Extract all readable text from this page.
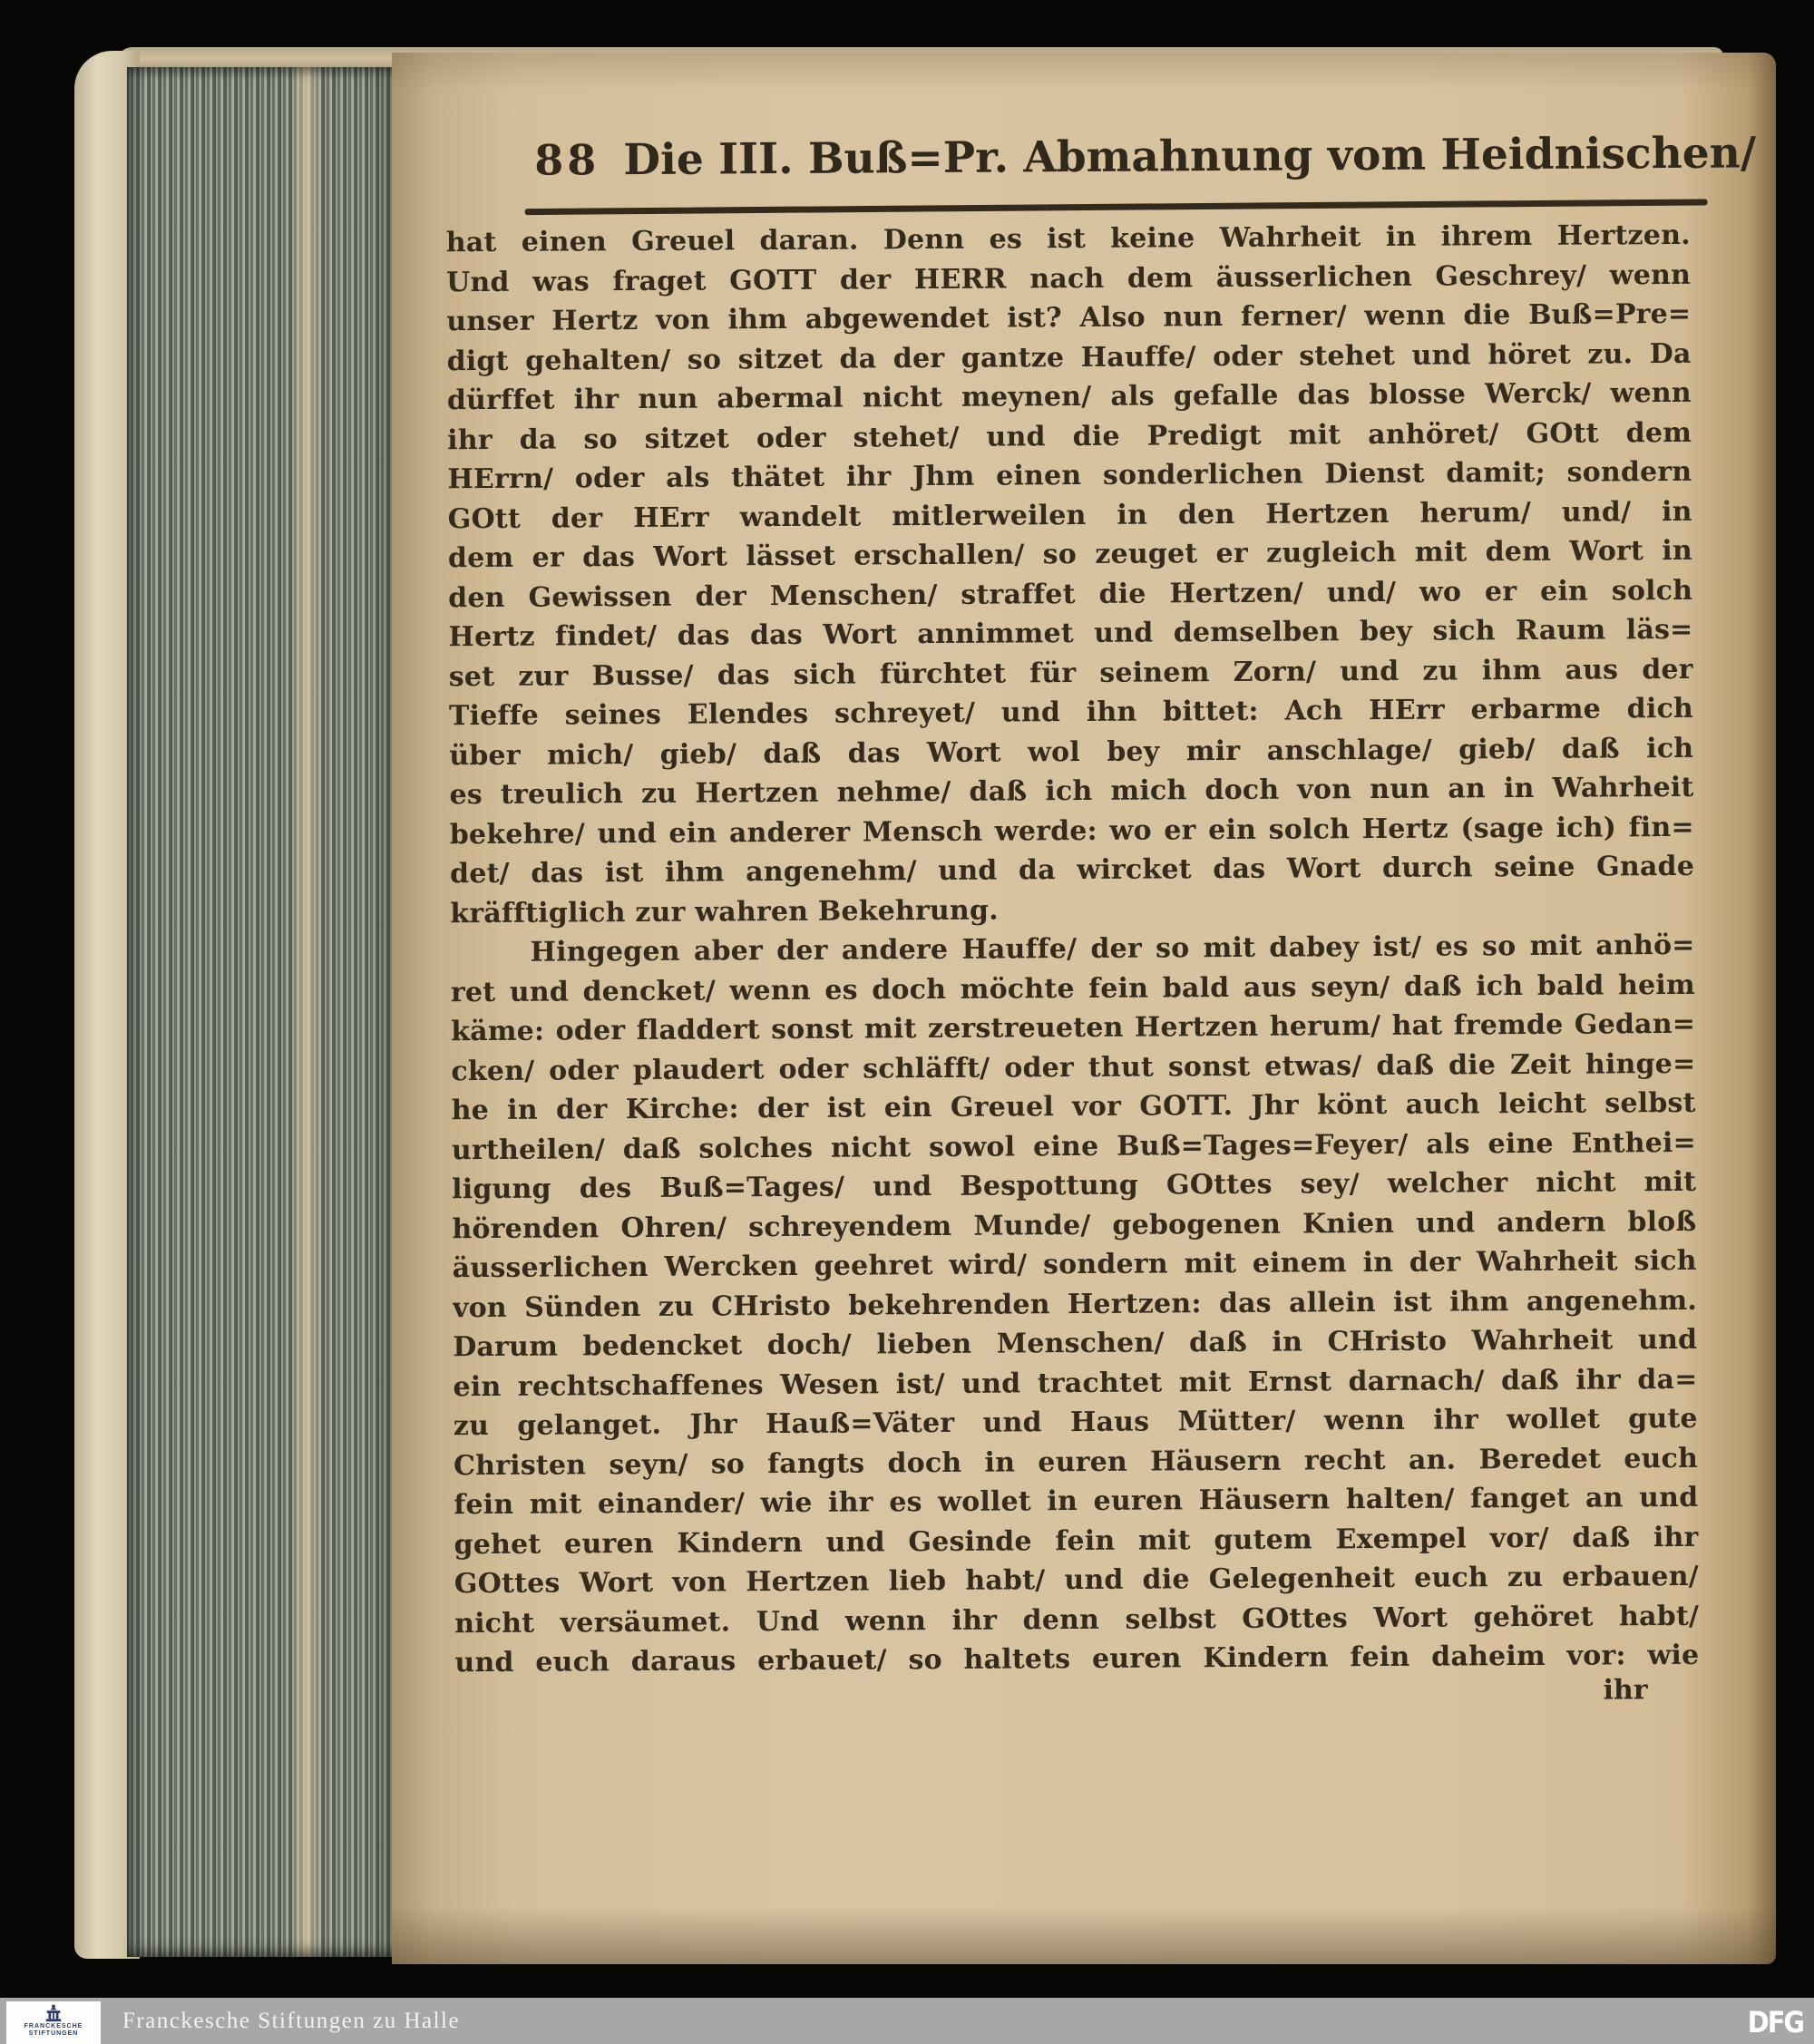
88 Die III. Buß=Pr. Abmahnung vom Heidnischen/
hat einen Greuel daran. Denn es ist keine Wahrheit in ihrem Hertzen.
Und was fraget GOTT der HERR nach dem äusserlichen Geschrey/ wenn
unser Hertz von ihm abgewendet ist? Also nun ferner/ wenn die Buß=Pre=
digt gehalten/ so sitzet da der gantze Hauffe/ oder stehet und höret zu. Da
dürffet ihr nun abermal nicht meynen/ als gefalle das blosse Werck/ wenn
ihr da so sitzet oder stehet/ und die Predigt mit anhöret/ GOtt dem
HErrn/ oder als thätet ihr Jhm einen sonderlichen Dienst damit; sondern
GOtt der HErr wandelt mitlerweilen in den Hertzen herum/ und/ in
dem er das Wort lässet erschallen/ so zeuget er zugleich mit dem Wort in
den Gewissen der Menschen/ straffet die Hertzen/ und/ wo er ein solch
Hertz findet/ das das Wort annimmet und demselben bey sich Raum läs=
set zur Busse/ das sich fürchtet für seinem Zorn/ und zu ihm aus der
Tieffe seines Elendes schreyet/ und ihn bittet: Ach HErr erbarme dich
über mich/ gieb/ daß das Wort wol bey mir anschlage/ gieb/ daß ich
es treulich zu Hertzen nehme/ daß ich mich doch von nun an in Wahrheit
bekehre/ und ein anderer Mensch werde: wo er ein solch Hertz (sage ich) fin=
det/ das ist ihm angenehm/ und da wircket das Wort durch seine Gnade
kräfftiglich zur wahren Bekehrung.
Hingegen aber der andere Hauffe/ der so mit dabey ist/ es so mit anhö=
ret und dencket/ wenn es doch möchte fein bald aus seyn/ daß ich bald heim
käme: oder fladdert sonst mit zerstreueten Hertzen herum/ hat fremde Gedan=
cken/ oder plaudert oder schläfft/ oder thut sonst etwas/ daß die Zeit hinge=
he in der Kirche: der ist ein Greuel vor GOTT. Jhr könt auch leicht selbst
urtheilen/ daß solches nicht sowol eine Buß=Tages=Feyer/ als eine Enthei=
ligung des Buß=Tages/ und Bespottung GOttes sey/ welcher nicht mit
hörenden Ohren/ schreyendem Munde/ gebogenen Knien und andern bloß
äusserlichen Wercken geehret wird/ sondern mit einem in der Wahrheit sich
von Sünden zu CHristo bekehrenden Hertzen: das allein ist ihm angenehm.
Darum bedencket doch/ lieben Menschen/ daß in CHristo Wahrheit und
ein rechtschaffenes Wesen ist/ und trachtet mit Ernst darnach/ daß ihr da=
zu gelanget. Jhr Hauß=Väter und Haus Mütter/ wenn ihr wollet gute
Christen seyn/ so fangts doch in euren Häusern recht an. Beredet euch
fein mit einander/ wie ihr es wollet in euren Häusern halten/ fanget an und
gehet euren Kindern und Gesinde fein mit gutem Exempel vor/ daß ihr
GOttes Wort von Hertzen lieb habt/ und die Gelegenheit euch zu erbauen/
nicht versäumet. Und wenn ihr denn selbst GOttes Wort gehöret habt/
und euch daraus erbauet/ so haltets euren Kindern fein daheim vor: wie
ihr
FRANCKESCHE
STIFTUNGEN
Franckesche Stiftungen zu Halle	DFG
